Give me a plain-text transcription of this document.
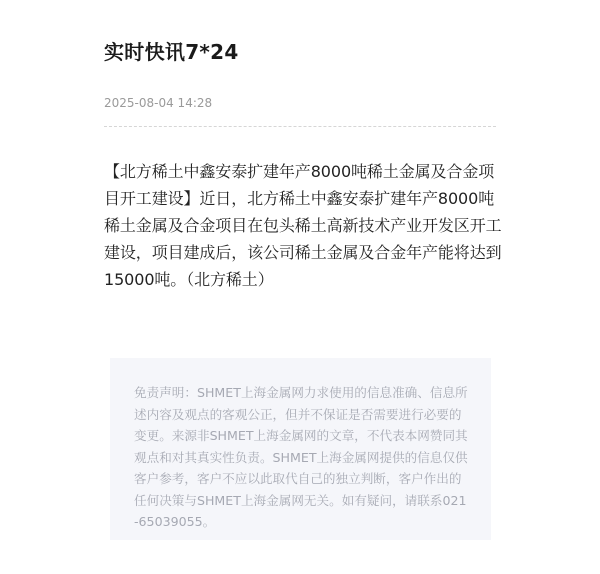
实时快讯7*24
2025-08-04 14:28
【北方稀土中鑫安泰扩建年产8000吨稀土金属及合金项目开工建设】近日，北方稀土中鑫安泰扩建年产8000吨稀土金属及合金项目在包头稀土高新技术产业开发区开工建设，项目建成后，该公司稀土金属及合金年产能将达到15000吨。（北方稀土）
免责声明：SHMET上海金属网力求使用的信息准确、信息所述内容及观点的客观公正，但并不保证是否需要进行必要的变更。来源非SHMET上海金属网的文章，不代表本网赞同其观点和对其真实性负责。SHMET上海金属网提供的信息仅供客户参考，客户不应以此取代自己的独立判断，客户作出的任何决策与SHMET上海金属网无关。如有疑问，请联系021-65039055。
